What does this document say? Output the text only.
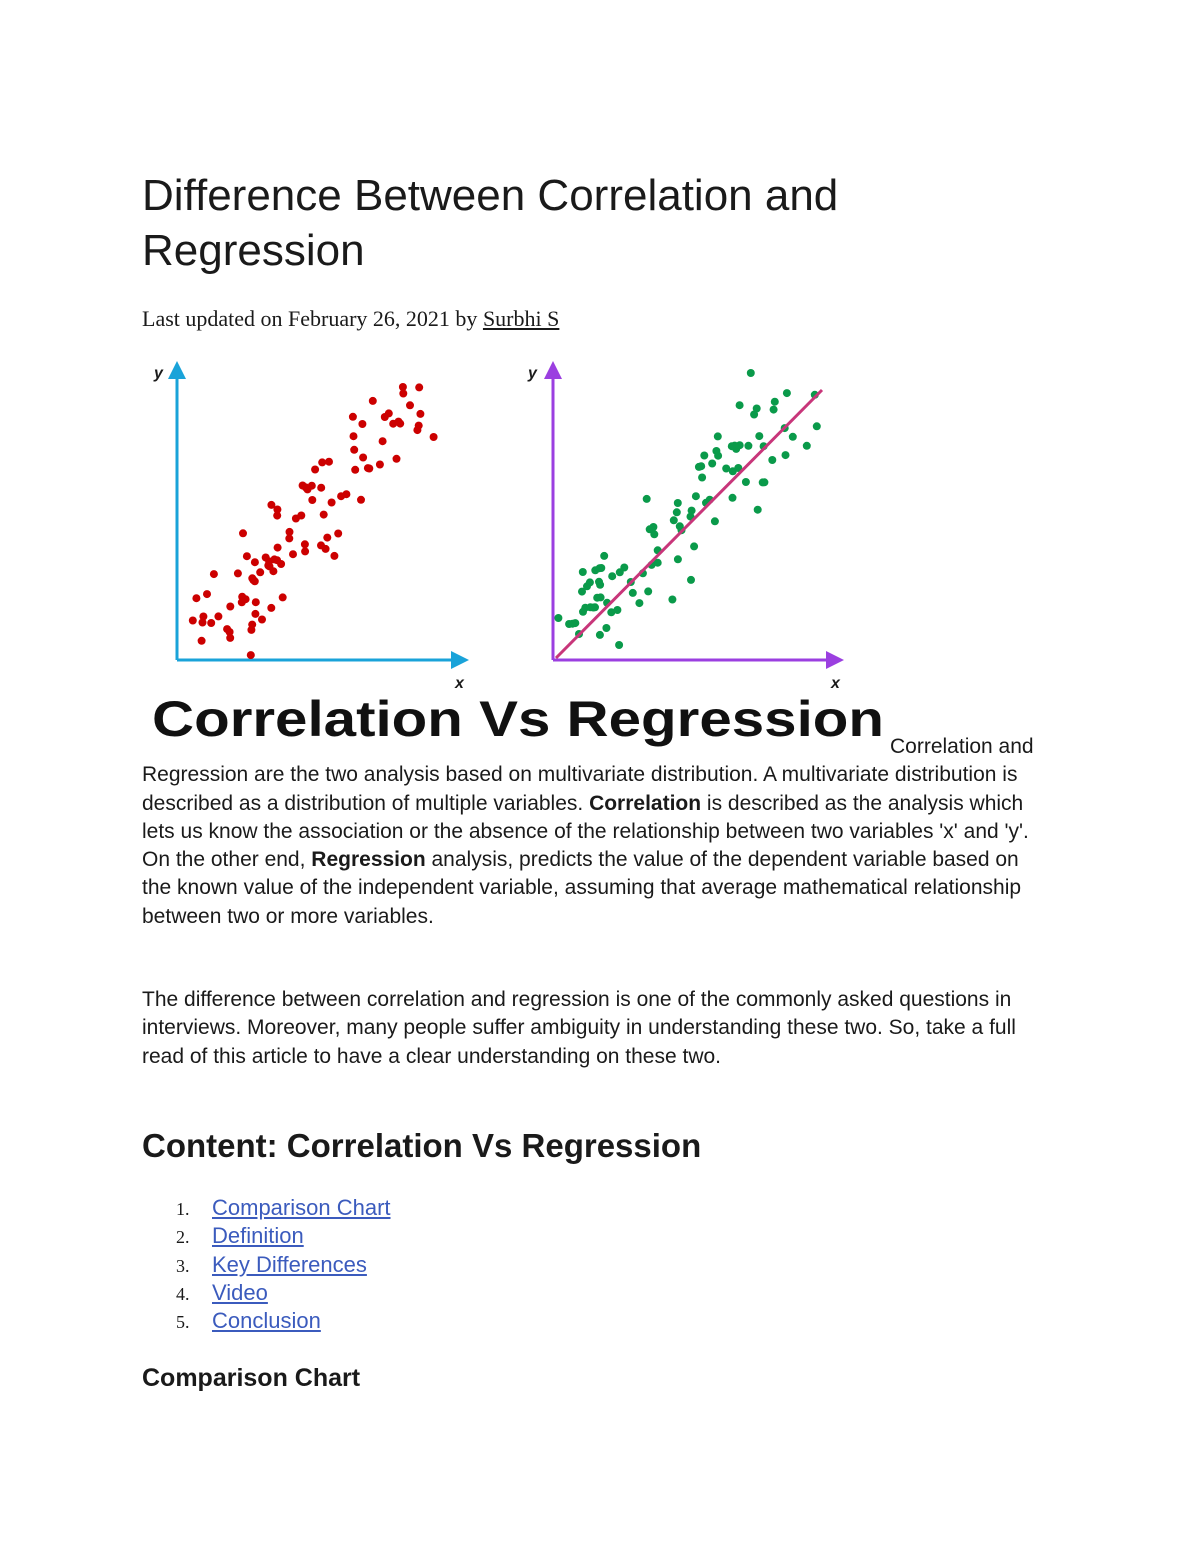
Difference Between Correlation and Regression
Last updated on February 26, 2021 by Surbhi S
y
x
y
x
Correlation Vs Regression Correlation and Regression are the two analysis based on multivariate distribution. A multivariate distribution is described as a distribution of multiple variables. Correlation is described as the analysis which lets us know the association or the absence of the relationship between two variables 'x' and 'y'. On the other end, Regression analysis, predicts the value of the dependent variable based on the known value of the independent variable, assuming that average mathematical relationship between two or more variables.

The difference between correlation and regression is one of the commonly asked questions in interviews. Moreover, many people suffer ambiguity in understanding these two. So, take a full read of this article to have a clear understanding on these two.

Content: Correlation Vs Regression
1. Comparison Chart
2. Definition
3. Key Differences
4. Video
5. Conclusion
Comparison Chart
